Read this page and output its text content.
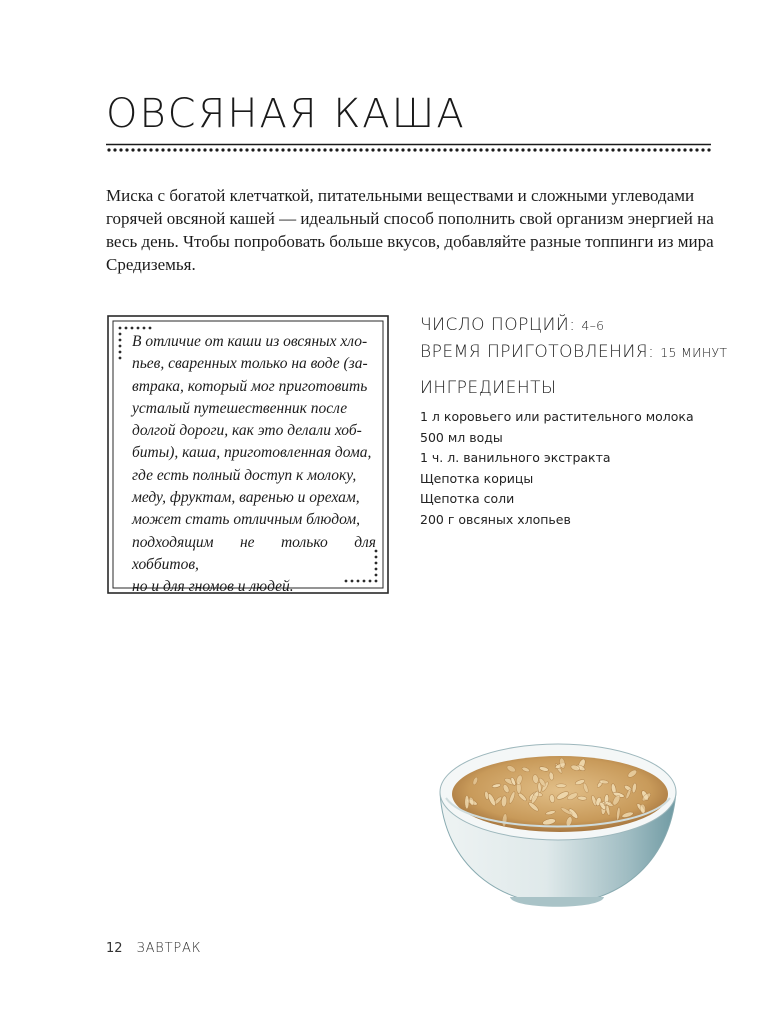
ОВСЯНАЯ КАША

Миска с богатой клетчаткой, питательными веществами и сложными углеводами горячей овсяной кашей — идеальный способ пополнить свой организм энергией на весь день. Чтобы попробовать больше вкусов, добавляйте разные топпинги из мира Средиземья.

В отличие от каши из овсяных хло-
пьев, сваренных только на воде (за-
втрака, который мог приготовить
усталый путешественник после
долгой дороги, как это делали хоб-
биты), каша, приготовленная дома,
где есть полный доступ к молоку,
меду, фруктам, варенью и орехам,
может стать отличным блюдом,
подходящим не только для хоббитов,
но и для гномов и людей.

ЧИСЛО ПОРЦИЙ: 4–6
ВРЕМЯ ПРИГОТОВЛЕНИЯ: 15 МИНУТ
ИНГРЕДИЕНТЫ
1 л коровьего или растительного молока
500 мл воды
1 ч. л. ванильного экстракта
Щепотка корицы
Щепотка соли
200 г овсяных хлопьев
12 ЗАВТРАК
